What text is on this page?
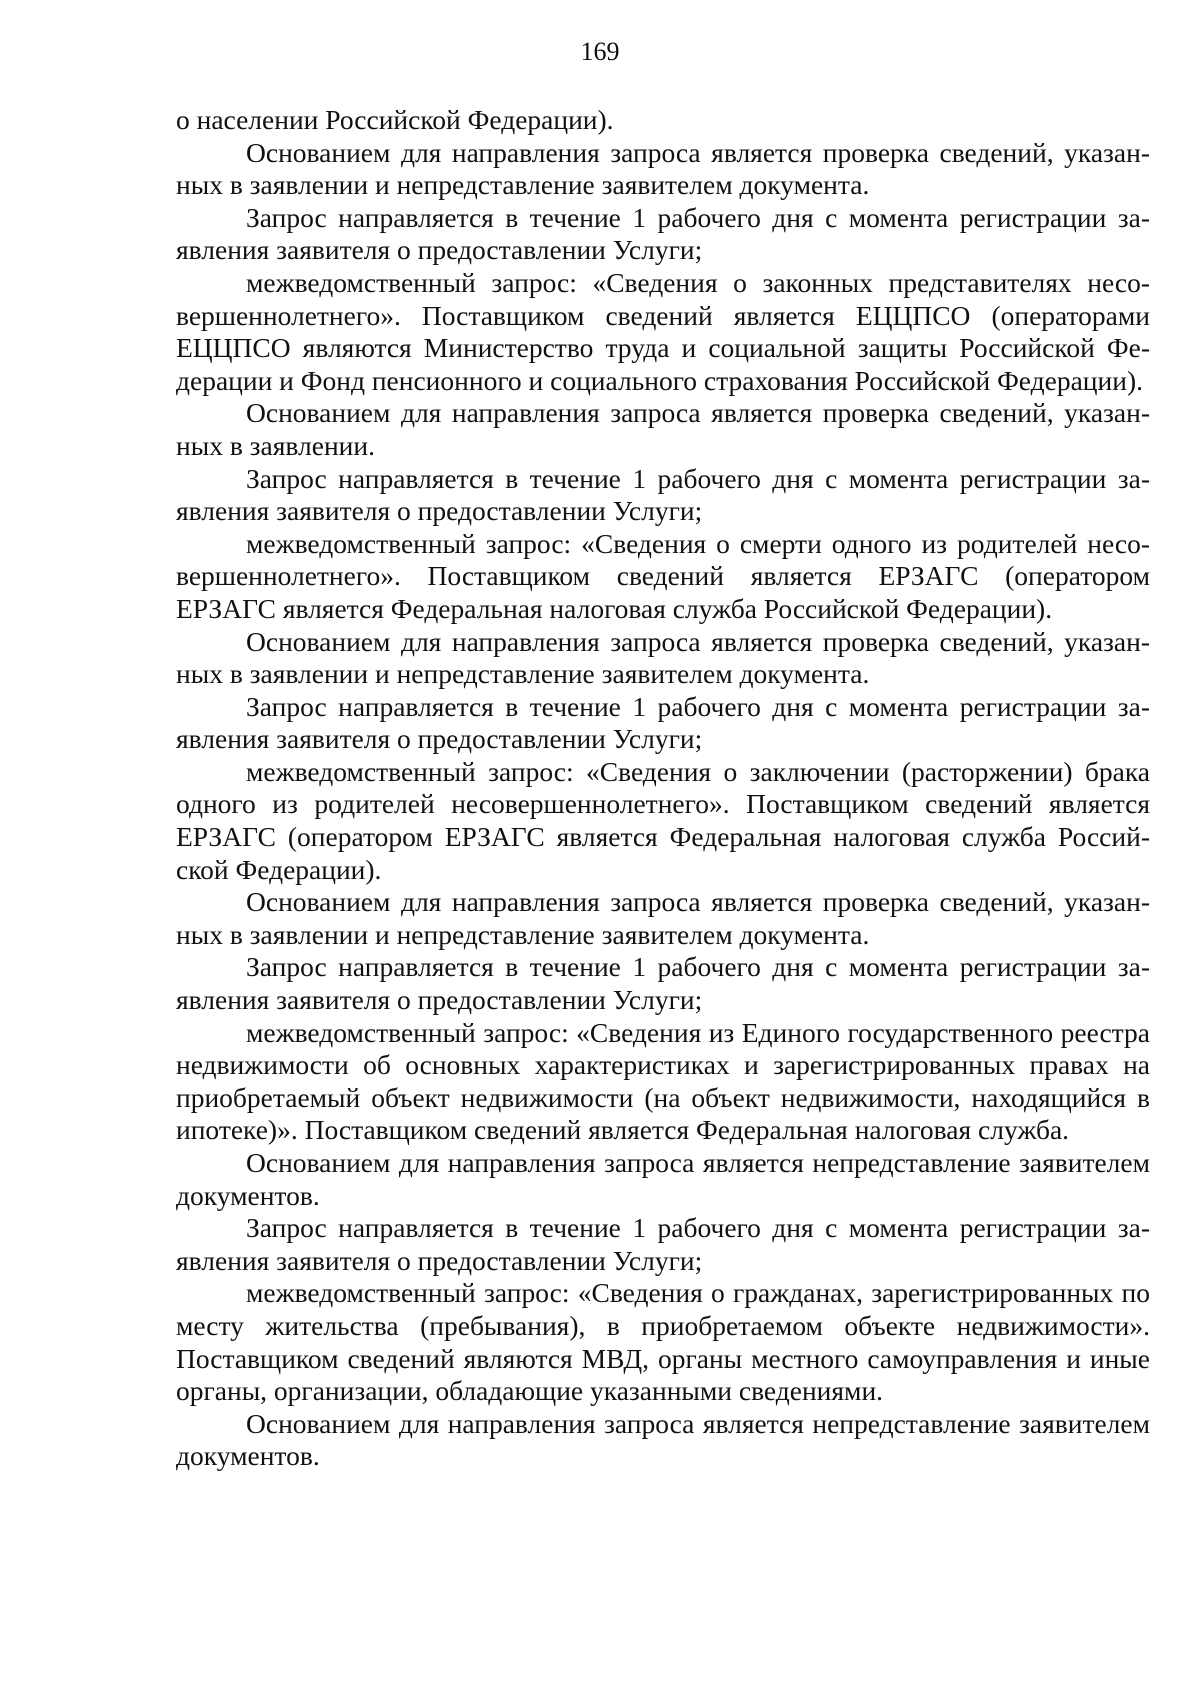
169

о населении Российской Федерации).

Основанием для направления запроса является проверка сведений, указанных в заявлении и непредставление заявителем документа.

Запрос направляется в течение 1 рабочего дня с момента регистрации заявления заявителя о предоставлении Услуги;

межведомственный запрос: «Сведения о законных представителях несовершеннолетнего». Поставщиком сведений является ЕЦЦПСО (операторами ЕЦЦПСО являются Министерство труда и социальной защиты Российской Федерации и Фонд пенсионного и социального страхования Российской Федерации).

Основанием для направления запроса является проверка сведений, указанных в заявлении.

Запрос направляется в течение 1 рабочего дня с момента регистрации заявления заявителя о предоставлении Услуги;

межведомственный запрос: «Сведения о смерти одного из родителей несовершеннолетнего». Поставщиком сведений является ЕРЗАГС (оператором ЕРЗАГС является Федеральная налоговая служба Российской Федерации).

Основанием для направления запроса является проверка сведений, указанных в заявлении и непредставление заявителем документа.

Запрос направляется в течение 1 рабочего дня с момента регистрации заявления заявителя о предоставлении Услуги;

межведомственный запрос: «Сведения о заключении (расторжении) брака одного из родителей несовершеннолетнего». Поставщиком сведений является ЕРЗАГС (оператором ЕРЗАГС является Федеральная налоговая служба Российской Федерации).

Основанием для направления запроса является проверка сведений, указанных в заявлении и непредставление заявителем документа.

Запрос направляется в течение 1 рабочего дня с момента регистрации заявления заявителя о предоставлении Услуги;

межведомственный запрос: «Сведения из Единого государственного реестра недвижимости об основных характеристиках и зарегистрированных правах на приобретаемый объект недвижимости (на объект недвижимости, находящийся в ипотеке)». Поставщиком сведений является Федеральная налоговая служба.

Основанием для направления запроса является непредставление заявителем документов.

Запрос направляется в течение 1 рабочего дня с момента регистрации заявления заявителя о предоставлении Услуги;

межведомственный запрос: «Сведения о гражданах, зарегистрированных по месту жительства (пребывания), в приобретаемом объекте недвижимости». Поставщиком сведений являются МВД, органы местного самоуправления и иные органы, организации, обладающие указанными сведениями.

Основанием для направления запроса является непредставление заявителем документов.
